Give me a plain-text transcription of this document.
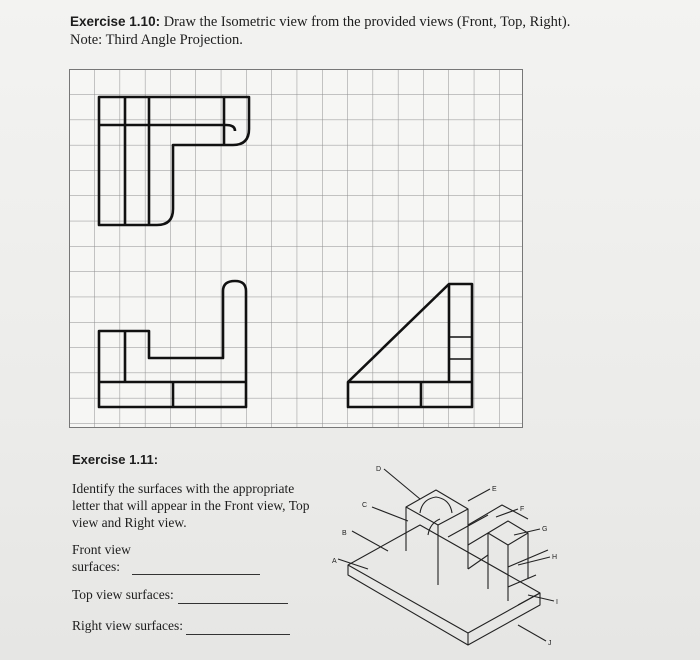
Exercise 1.10: Draw the Isometric view from the provided views (Front, Top, Right).
Note: Third Angle Projection.
Exercise 1.11:
Identify the surfaces with the appropriate letter that will appear in the Front view, Top view and Right view.
Front view
surfaces:
Top view surfaces:
Right view surfaces:
A
B
C
D
E
F
G
H
I
J
